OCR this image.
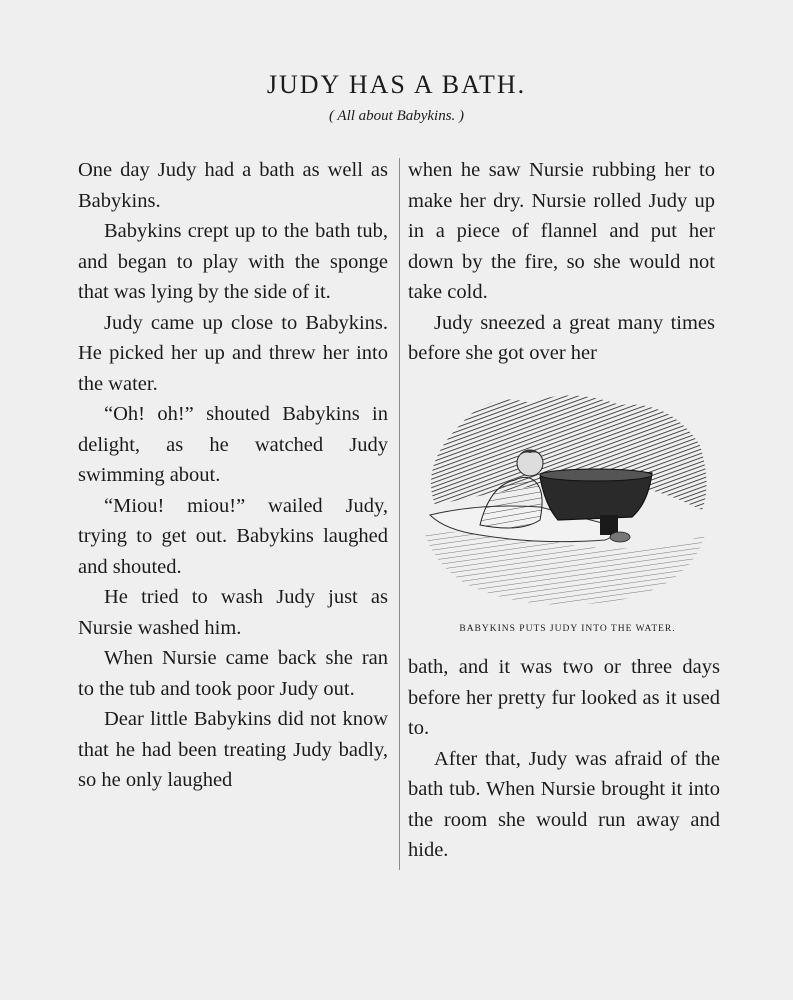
JUDY HAS A BATH.

( All about Babykins. )

One day Judy had a bath as well as Babykins.

Babykins crept up to the bath tub, and began to play with the sponge that was lying by the side of it.

Judy came up close to Babykins. He picked her up and threw her into the water.

“Oh! oh!” shouted Babykins in delight, as he watched Judy swimming about.

“Miou! miou!” wailed Judy, trying to get out. Babykins laughed and shouted.

He tried to wash Judy just as Nursie washed him.

When Nursie came back she ran to the tub and took poor Judy out.

Dear little Babykins did not know that he had been treating Judy badly, so he only laughed

when he saw Nursie rubbing her to make her dry. Nursie rolled Judy up in a piece of flannel and put her down by the fire, so she would not take cold.

Judy sneezed a great many times before she got over her

BABYKINS PUTS JUDY INTO THE WATER.

bath, and it was two or three days before her pretty fur looked as it used to.

After that, Judy was afraid of the bath tub. When Nursie brought it into the room she would run away and hide.
